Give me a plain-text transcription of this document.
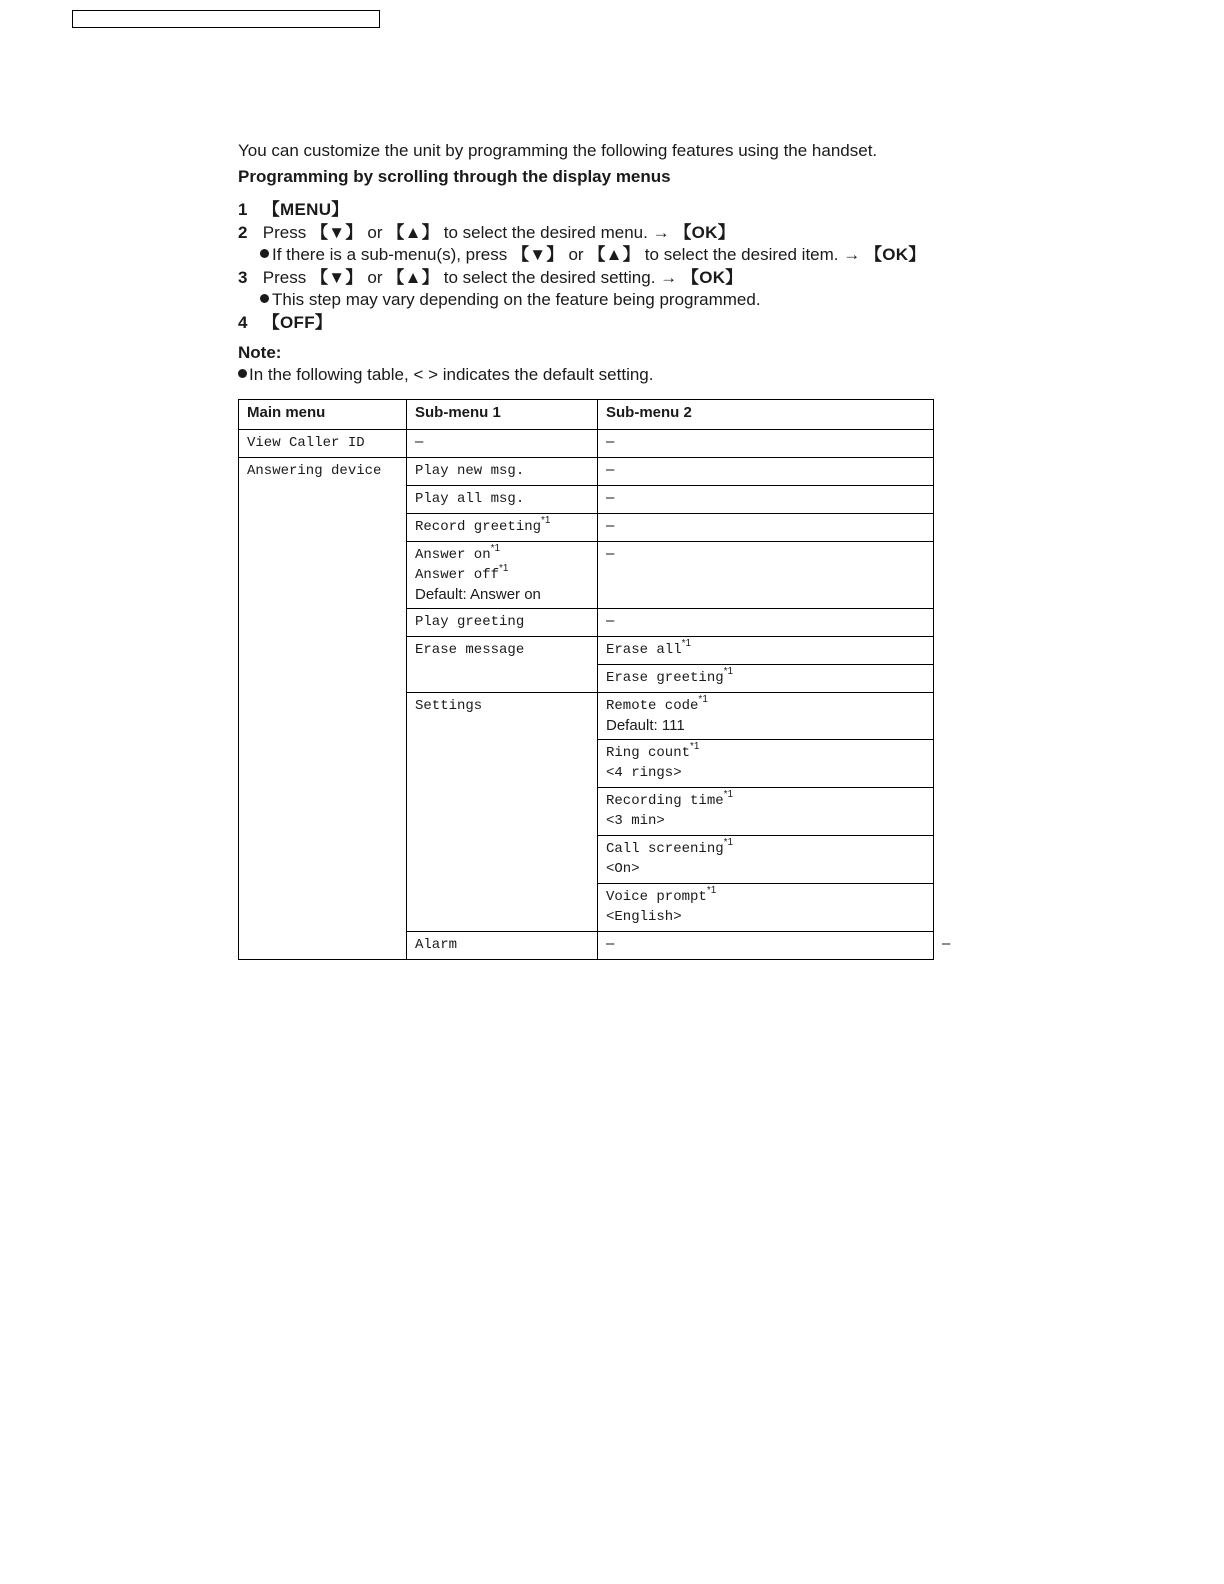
You can customize the unit by programming the following features using the handset.

Programming by scrolling through the display menus

1 【MENU】
2 Press 【▼】 or 【▲】 to select the desired menu. → 【OK】
If there is a sub-menu(s), press 【▼】 or 【▲】 to select the desired item. → 【OK】
3 Press 【▼】 or 【▲】 to select the desired setting. → 【OK】
This step may vary depending on the feature being programmed.
4 【OFF】
Note:
In the following table, < > indicates the default setting.
Main menu	Sub-menu 1	Sub-menu 2	
View Caller ID	–	–	
Answering device	Play new msg.	–	
	Play all msg.	–	
	Record greeting$^{*1}$	–	

	Answer $on^{*1}$
Answer off$^{*1}$
Default: Answer on	–	
	Play greeting	–	
	Erase message	Erase all$^{*1}$
		Erase greeting$^{*1}$
	Settings	Remote code$^{*1}$
Default: 111	

		Ring count$^{*1}$
<4 rings>	

		Recording time$^{*1}$
<3 min>	

		Call screening$^{*1}$
<On>	

		Voice prompt$^{*1}$
<English>	

	Alarm	–	–
